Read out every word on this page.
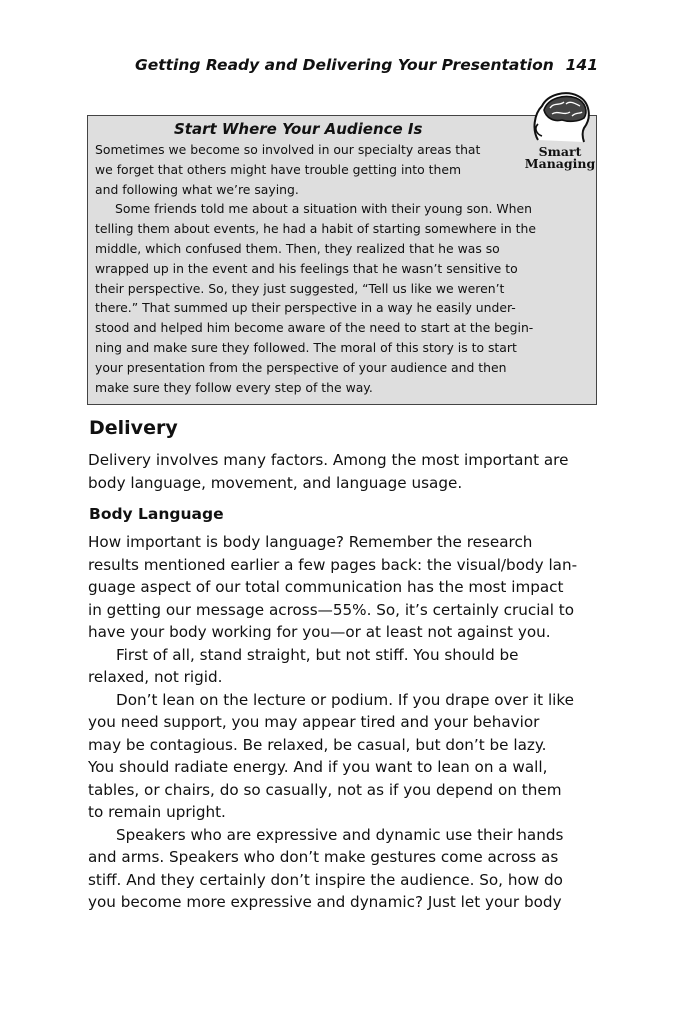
Getting Ready and Delivering Your Presentation 141
Start Where Your Audience Is
Sometimes we become so involved in our specialty areas that
we forget that others might have trouble getting into them
and following what we’re saying.
Some friends told me about a situation with their young son. When
telling them about events, he had a habit of starting somewhere in the
middle, which confused them. Then, they realized that he was so
wrapped up in the event and his feelings that he wasn’t sensitive to
their perspective. So, they just suggested, “Tell us like we weren’t
there.” That summed up their perspective in a way he easily under-
stood and helped him become aware of the need to start at the begin-
ning and make sure they followed. The moral of this story is to start
your presentation from the perspective of your audience and then
make sure they follow every step of the way.
Smart
Managing
Delivery
Delivery involves many factors. Among the most important are
body language, movement, and language usage.
Body Language
How important is body language? Remember the research
results mentioned earlier a few pages back: the visual/body lan-
guage aspect of our total communication has the most impact
in getting our message across—55%. So, it’s certainly crucial to
have your body working for you—or at least not against you.
First of all, stand straight, but not stiff. You should be
relaxed, not rigid.
Don’t lean on the lecture or podium. If you drape over it like
you need support, you may appear tired and your behavior
may be contagious. Be relaxed, be casual, but don’t be lazy.
You should radiate energy. And if you want to lean on a wall,
tables, or chairs, do so casually, not as if you depend on them
to remain upright.
Speakers who are expressive and dynamic use their hands
and arms. Speakers who don’t make gestures come across as
stiff. And they certainly don’t inspire the audience. So, how do
you become more expressive and dynamic? Just let your body
